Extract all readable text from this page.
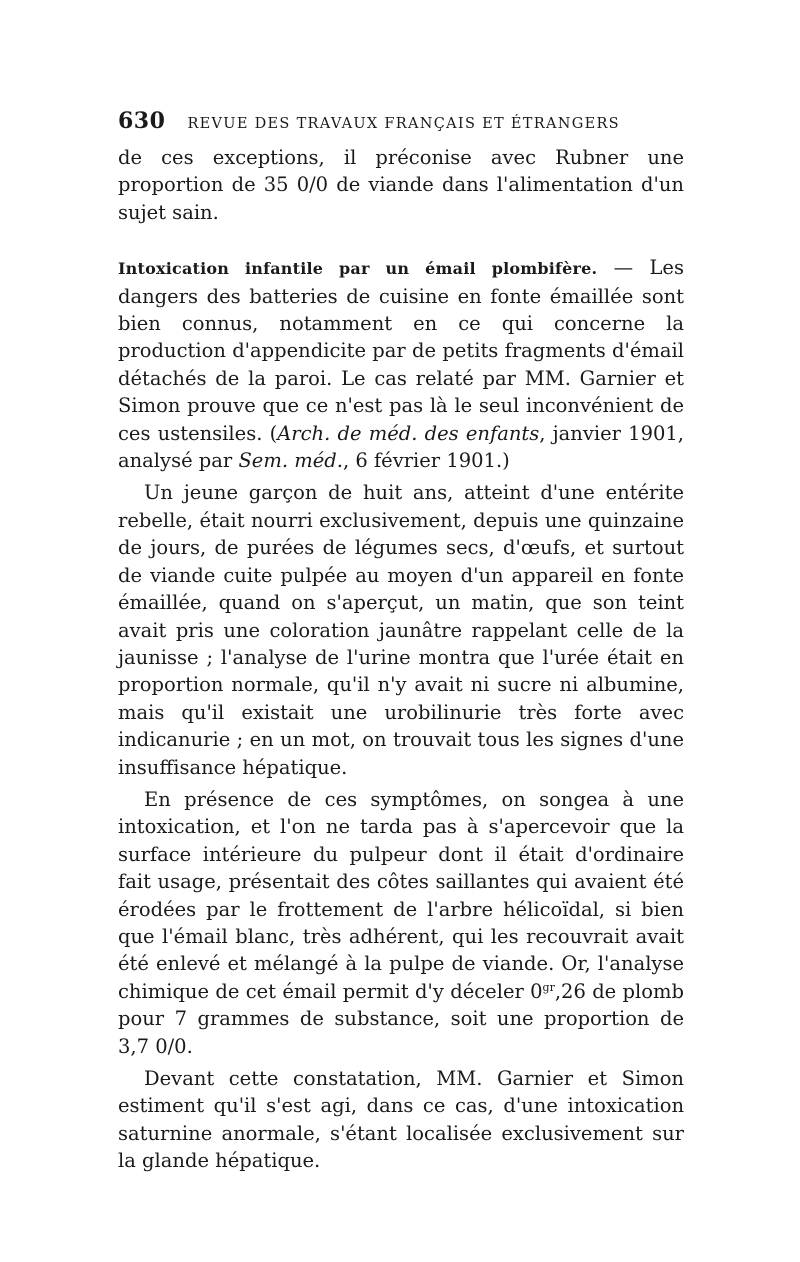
630 REVUE DES TRAVAUX FRANÇAIS ET ÉTRANGERS

de ces exceptions, il préconise avec Rubner une proportion de 35 0/0 de viande dans l'alimentation d'un sujet sain.

Intoxication infantile par un émail plombifère. — Les dangers des batteries de cuisine en fonte émaillée sont bien connus, notamment en ce qui concerne la production d'appendicite par de petits fragments d'émail détachés de la paroi. Le cas relaté par MM. Garnier et Simon prouve que ce n'est pas là le seul inconvénient de ces ustensiles. (Arch. de méd. des enfants, janvier 1901, analysé par Sem. méd., 6 février 1901.)

Un jeune garçon de huit ans, atteint d'une entérite rebelle, était nourri exclusivement, depuis une quinzaine de jours, de purées de légumes secs, d'œufs, et surtout de viande cuite pulpée au moyen d'un appareil en fonte émaillée, quand on s'aperçut, un matin, que son teint avait pris une coloration jaunâtre rappelant celle de la jaunisse ; l'analyse de l'urine montra que l'urée était en proportion normale, qu'il n'y avait ni sucre ni albumine, mais qu'il existait une urobilinurie très forte avec indicanurie ; en un mot, on trouvait tous les signes d'une insuffisance hépatique.

En présence de ces symptômes, on songea à une intoxication, et l'on ne tarda pas à s'apercevoir que la surface intérieure du pulpeur dont il était d'ordinaire fait usage, présentait des côtes saillantes qui avaient été érodées par le frottement de l'arbre hélicoïdal, si bien que l'émail blanc, très adhérent, qui les recouvrait avait été enlevé et mélangé à la pulpe de viande. Or, l'analyse chimique de cet émail permit d'y déceler $0^{gr},26$ de plomb pour 7 grammes de substance, soit une proportion de 3,7 0/0.

Devant cette constatation, MM. Garnier et Simon estiment qu'il s'est agi, dans ce cas, d'une intoxication saturnine anormale, s'étant localisée exclusivement sur la glande hépatique.
